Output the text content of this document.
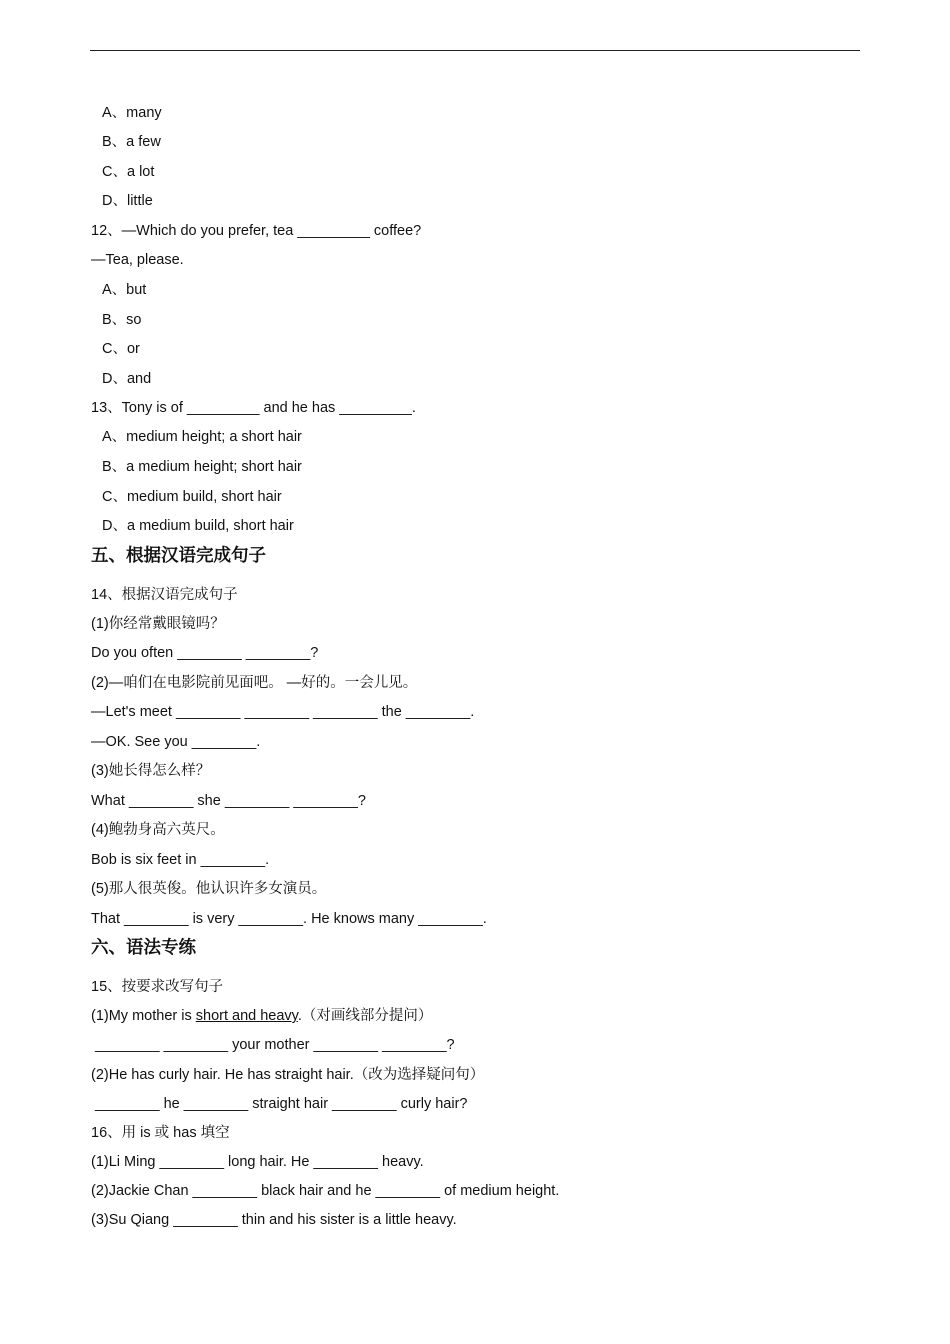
A、many
B、a few
C、a lot
D、little
12、—Which do you prefer, tea _________ coffee?
—Tea, please.
A、but
B、so
C、or
D、and
13、Tony is of _________ and he has _________.
A、medium height; a short hair
B、a medium height; short hair
C、medium build, short hair
D、a medium build, short hair
五、根据汉语完成句子
14、根据汉语完成句子
(1)你经常戴眼镜吗？
Do you often ________ ________?
(2)—咱们在电影院前见面吧。 —好的。一会儿见。
—Let's meet ________ ________ ________ the ________.
—OK. See you ________.
(3)她长得怎么样？
What ________ she ________ ________?
(4)鲍勃身高六英尺。
Bob is six feet in ________.
(5)那人很英俊。他认识许多女演员。
That ________ is very ________. He knows many ________.
六、语法专练
15、按要求改写句子
(1)My mother is short and heavy.（对画线部分提问）
________ ________ your mother ________ ________?
(2)He has curly hair. He has straight hair.（改为选择疑问句）
________ he ________ straight hair ________ curly hair?
16、用 is 或 has 填空
(1)Li Ming ________ long hair. He ________ heavy.
(2)Jackie Chan ________ black hair and he ________ of medium height.
(3)Su Qiang ________ thin and his sister is a little heavy.
